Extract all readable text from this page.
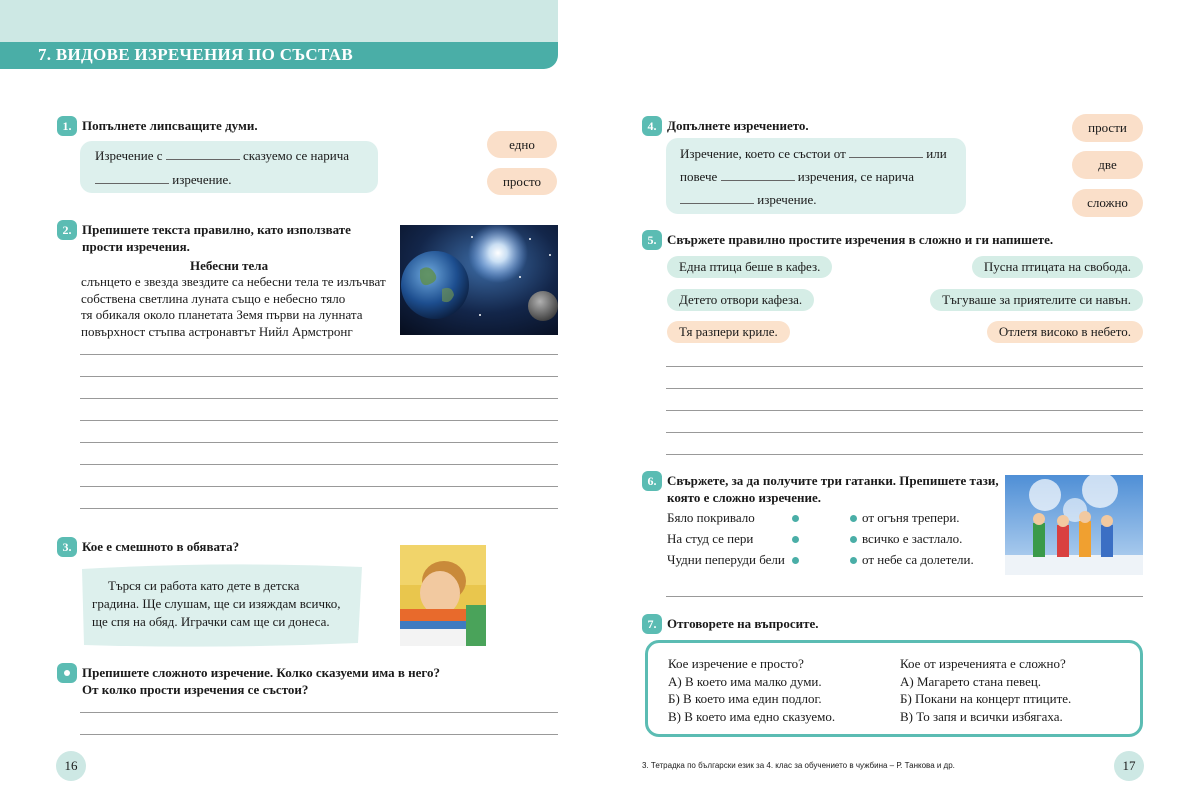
7. ВИДОВЕ ИЗРЕЧЕНИЯ ПО СЪСТАВ
1. Попълнете липсващите думи.
Изречение с	сказуемо се нарича
изречение.
едно
просто
2. Препишете текста правилно, като използвате
прости изречения.
Небесни тела
слънцето е звезда звездите са небесни тела те излъчват
собствена светлина луната също е небесно тяло
тя обикаля около планетата Земя първи на лунната
повърхност стъпва астронавтът Нийл Армстронг
3. Кое е смешното в обявата?
Търся си работа като дете в детска
градина. Ще слушам, ще си изяждам всичко,
ще спя на обяд. Играчки сам ще си донеса.
Препишете сложното изречение. Колко сказуеми има в него?
От колко прости изречения се състои?
16
4. Допълнете изречението.
Изречение, което се състои от	или
повече	изречения, се нарича
изречение.
прости
две
сложно
5. Свържете правилно простите изречения в сложно и ги напишете.
Една птица беше в кафез.
Детето отвори кафеза.
Тя разпери криле.
Пусна птицата на свобода.
Тъгуваше за приятелите си навън.
Отлетя високо в небето.
6. Свържете, за да получите три гатанки. Препишете тази,
която е сложно изречение.
Бяло покривало
На студ се пери
Чудни пеперуди бели
от огъня трепери.
всичко е застлало.
от небе са долетели.
7. Отговорете на въпросите.
Кое изречение е просто?
А) В което има малко думи.
Б) В което има един подлог.
В) В което има едно сказуемо.
Кое от изреченията е сложно?
А) Магарето стана певец.
Б) Покани на концерт птиците.
В) То запя и всички избягаха.
3. Тетрадка по български език за 4. клас за обучението в чужбина – Р. Танкова и др.	17
